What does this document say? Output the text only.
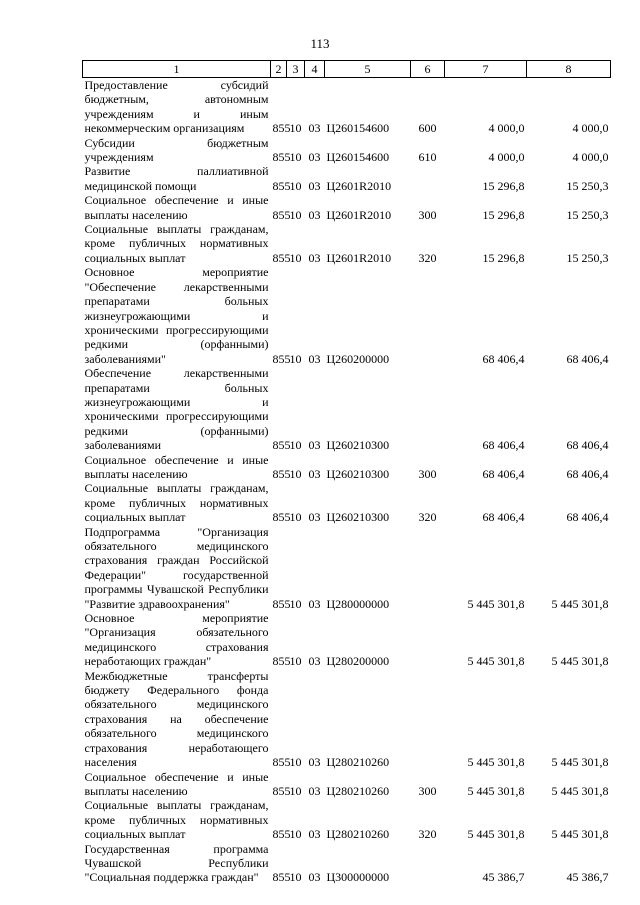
113
1	2	3	4	5	6	7	8
Предоставление субсидий бюджетным, автономным учреждениям и иным некоммерческим организациям	855	10	03	Ц260154600	600	4 000,0	4 000,0
Субсидии бюджетным учреждениям	855	10	03	Ц260154600	610	4 000,0	4 000,0
Развитие паллиативной медицинской помощи	855	10	03	Ц2601R2010		15 296,8	15 250,3
Социальное обеспечение и иные выплаты населению	855	10	03	Ц2601R2010	300	15 296,8	15 250,3
Социальные выплаты гражданам, кроме публичных нормативных социальных выплат	855	10	03	Ц2601R2010	320	15 296,8	15 250,3
Основное мероприятие "Обеспечение лекарственными препаратами больных жизнеугрожающими и хроническими прогрессирующими редкими (орфанными) заболеваниями"	855	10	03	Ц260200000		68 406,4	68 406,4
Обеспечение лекарственными препаратами больных жизнеугрожающими и хроническими прогрессирующими редкими (орфанными) заболеваниями	855	10	03	Ц260210300		68 406,4	68 406,4
Социальное обеспечение и иные выплаты населению	855	10	03	Ц260210300	300	68 406,4	68 406,4
Социальные выплаты гражданам, кроме публичных нормативных социальных выплат	855	10	03	Ц260210300	320	68 406,4	68 406,4
Подпрограмма "Организация обязательного медицинского страхования граждан Российской Федерации" государственной программы Чувашской Республики "Развитие здравоохранения"	855	10	03	Ц280000000		5 445 301,8	5 445 301,8
Основное мероприятие "Организация обязательного медицинского страхования неработающих граждан"	855	10	03	Ц280200000		5 445 301,8	5 445 301,8
Межбюджетные трансферты бюджету Федерального фонда обязательного медицинского страхования на обеспечение обязательного медицинского страхования неработающего населения	855	10	03	Ц280210260		5 445 301,8	5 445 301,8
Социальное обеспечение и иные выплаты населению	855	10	03	Ц280210260	300	5 445 301,8	5 445 301,8
Социальные выплаты гражданам, кроме публичных нормативных социальных выплат	855	10	03	Ц280210260	320	5 445 301,8	5 445 301,8
Государственная программа Чувашской Республики "Социальная поддержка граждан"	855	10	03	Ц300000000		45 386,7	45 386,7
